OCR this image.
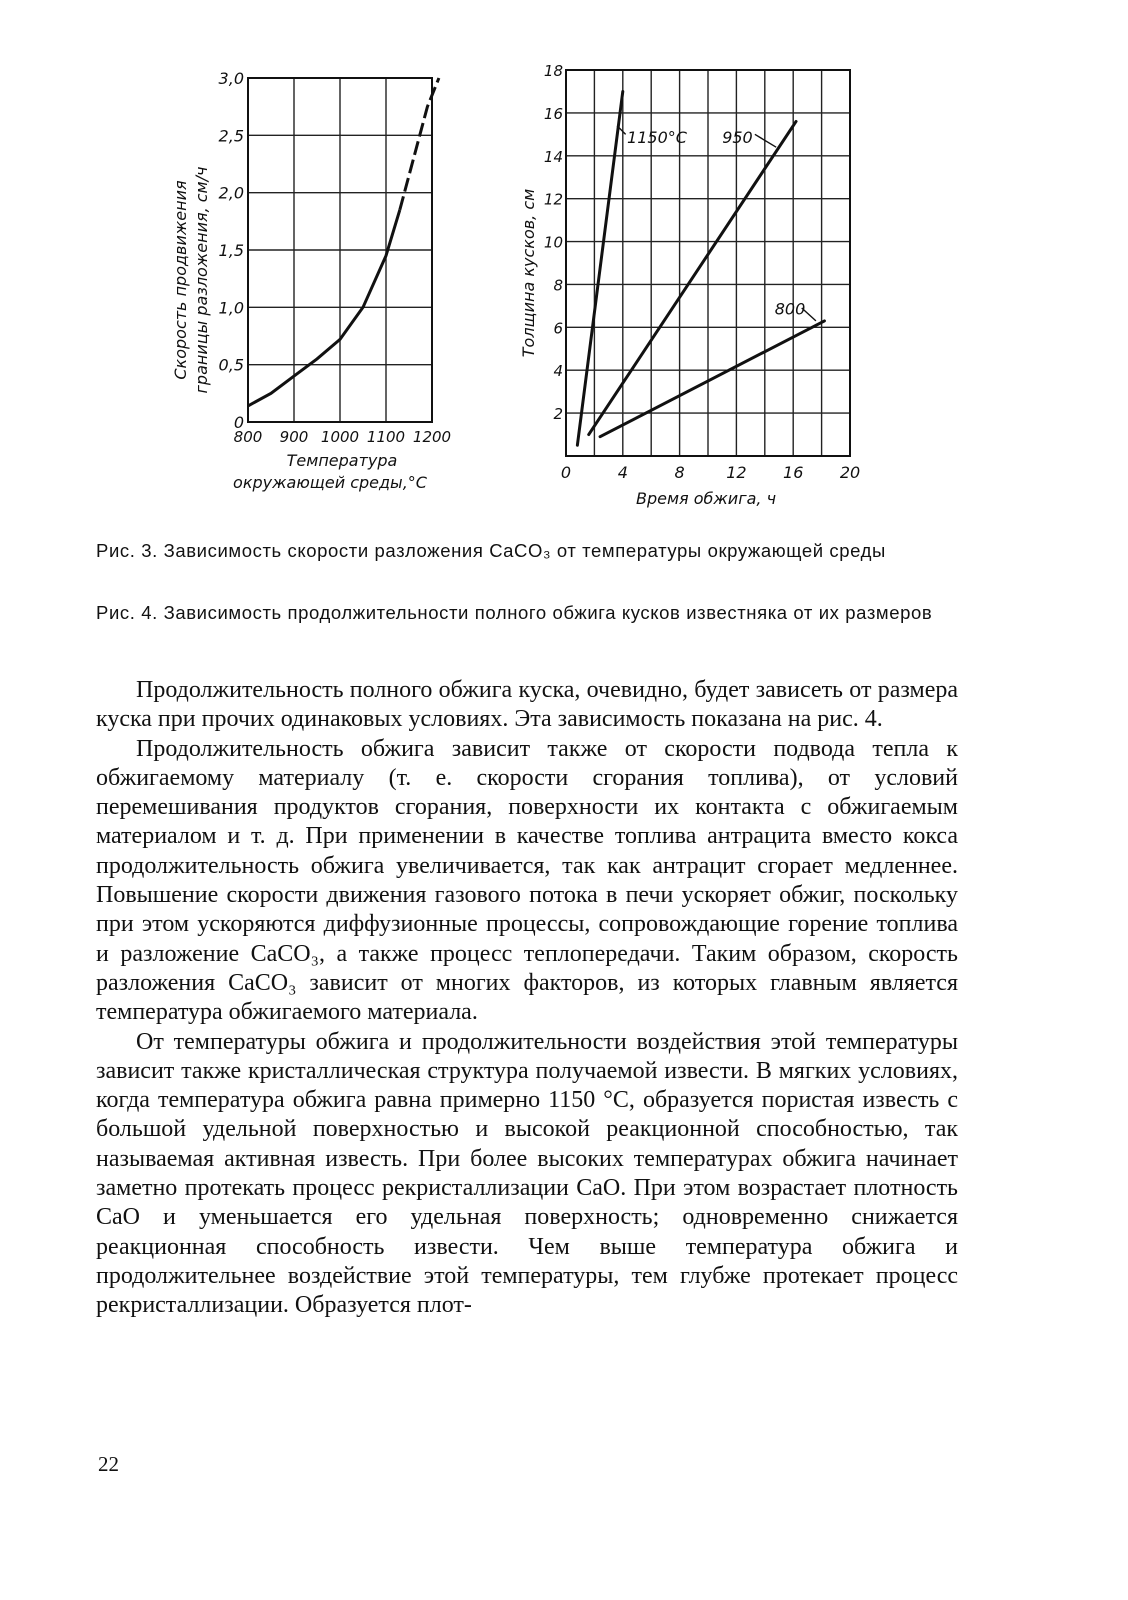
800 900 1000 1100 1200
0
0,5
1,0
1,5
2,0
2,5
3,0
Температура
окружающей среды,°C
Скорость продвижения границы разложения, см/ч
0	4	8	12 16 20
2
4
6
8
10
12
14
16
18
1150°С 950
800
Время обжига, ч
Толщина кусков, см
Рис. 3. Зависимость скорости разложения CaCO₃ от температуры окружающей среды
Рис. 4. Зависимость продолжительности полного обжига кусков известняка от их размеров

Продолжительность полного обжига куска, очевидно, будет зависеть от размера куска при прочих одинаковых условиях. Эта зависимость показана на рис. 4.

Продолжительность обжига зависит также от скорости подвода тепла к обжигаемому материалу (т. е. скорости сгорания топлива), от условий перемешивания продуктов сгорания, поверхности их контакта с обжигаемым материалом и т. д. При применении в качестве топлива антрацита вместо кокса продолжительность обжига увеличивается, так как антрацит сгорает медленнее. Повышение скорости движения газового потока в печи ускоряет обжиг, поскольку при этом ускоряются диффузионные процессы, сопровождающие горение топлива и разложение CaCO₃, а также процесс теплопередачи. Таким образом, скорость разложения CaCO₃ зависит от многих факторов, из которых главным является температура обжигаемого материала.

От температуры обжига и продолжительности воздействия этой температуры зависит также кристаллическая структура получаемой извести. В мягких условиях, когда температура обжига равна примерно 1150 °С, образуется пористая известь с большой удельной поверхностью и высокой реакционной способностью, так называемая активная известь. При более высоких температурах обжига начинает заметно протекать процесс рекристаллизации CaO. При этом возрастает плотность CaO и уменьшается его удельная поверхность; одновременно снижается реакционная способность извести. Чем выше температура обжига и продолжительнее воздействие этой температуры, тем глубже протекает процесс рекристаллизации. Образуется плот-

22
